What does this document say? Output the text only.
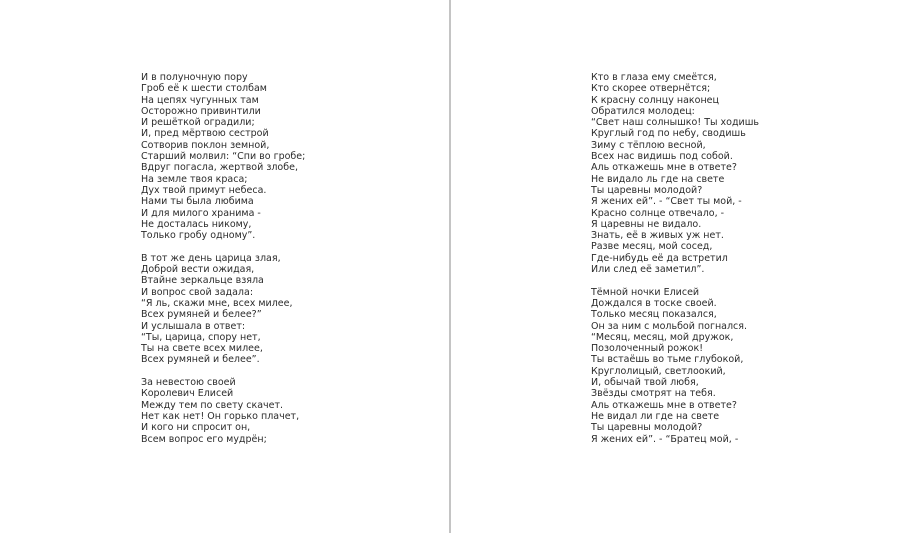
И в полуночную пору
Гроб её к шести столбам
На цепях чугунных там
Осторожно привинтили
И решёткой оградили;
И, пред мёртвою сестрой
Сотворив поклон земной,
Старший молвил: “Спи во гробе;
Вдруг погасла, жертвой злобе,
На земле твоя краса;
Дух твой примут небеса.
Нами ты была любима
И для милого хранима -
Не досталась никому,
Только гробу одному”.
В тот же день царица злая,
Доброй вести ожидая,
Втайне зеркальце взяла
И вопрос свой задала:
“Я ль, скажи мне, всех милее,
Всех румяней и белее?”
И услышала в ответ:
“Ты, царица, спору нет,
Ты на свете всех милее,
Всех румяней и белее”.
За невестою своей
Королевич Елисей
Между тем по свету скачет.
Нет как нет! Он горько плачет,
И кого ни спросит он,
Всем вопрос его мудрён;
Кто в глаза ему смеётся,
Кто скорее отвернётся;
К красну солнцу наконец
Обратился молодец:
“Свет наш солнышко! Ты ходишь
Круглый год по небу, сводишь
Зиму с тёплою весной,
Всех нас видишь под собой.
Аль откажешь мне в ответе?
Не видало ль где на свете
Ты царевны молодой?
Я жених ей”. - “Свет ты мой, -
Красно солнце отвечало, -
Я царевны не видало.
Знать, её в живых уж нет.
Разве месяц, мой сосед,
Где-нибудь её да встретил
Или след её заметил”.
Тёмной ночки Елисей
Дождался в тоске своей.
Только месяц показался,
Он за ним с мольбой погнался.
“Месяц, месяц, мой дружок,
Позолоченный рожок!
Ты встаёшь во тьме глубокой,
Круглолицый, светлоокий,
И, обычай твой любя,
Звёзды смотрят на тебя.
Аль откажешь мне в ответе?
Не видал ли где на свете
Ты царевны молодой?
Я жених ей”. - “Братец мой, -
